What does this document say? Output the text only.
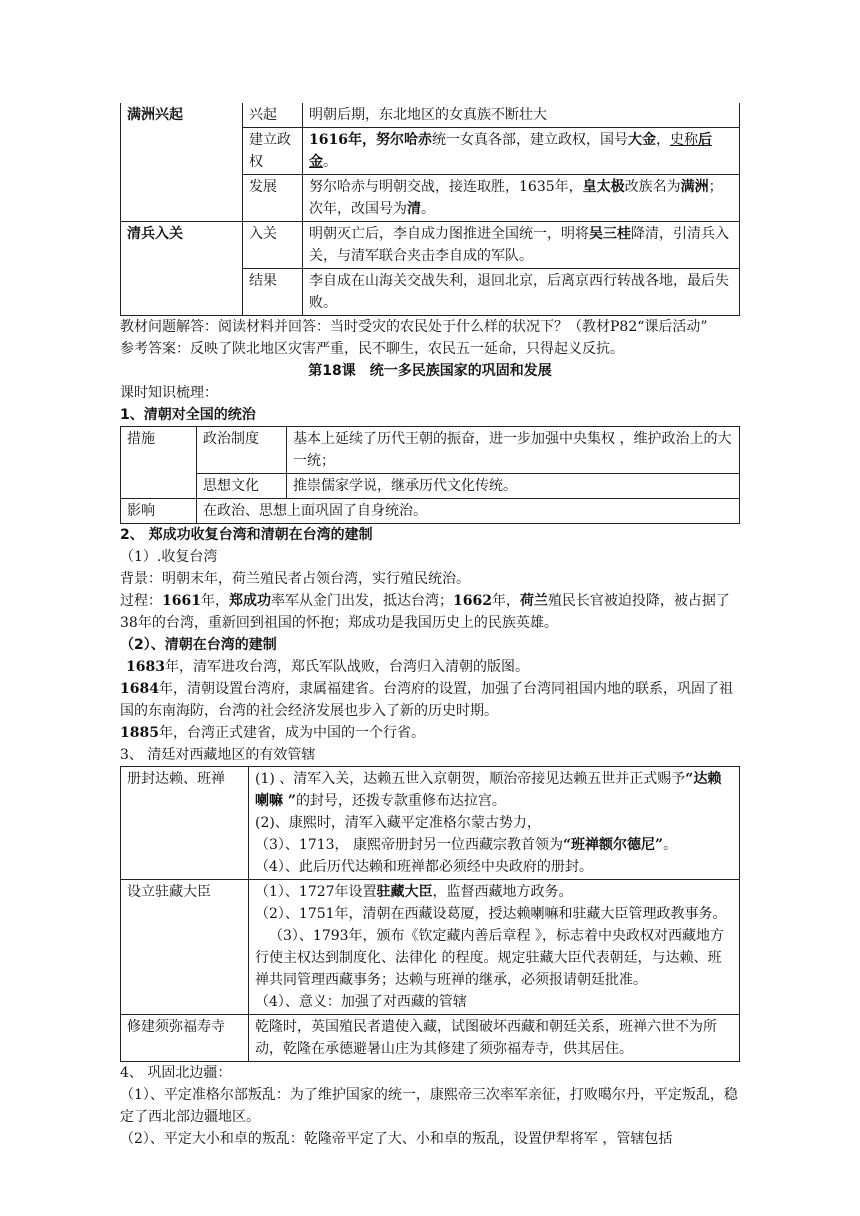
满洲兴起	兴起	明朝后期，东北地区的女真族不断壮大
	建立政权	1616年，努尔哈赤统一女真各部，建立政权，国号大金，史称后金。
	发展	努尔哈赤与明朝交战，接连取胜，1635年，皇太极改族名为满洲；次年，改国号为清。
清兵入关	入关	明朝灭亡后，李自成力图推进全国统一，明将吴三桂降清，引清兵入关，与清军联合夹击李自成的军队。
	结果	李自成在山海关交战失利，退回北京，后离京西行转战各地，最后失败。

教材问题解答：阅读材料并回答：当时受灾的农民处于什么样的状况下？（教材P82“课后活动”

参考答案：反映了陕北地区灾害严重，民不聊生，农民五一延命，只得起义反抗。

第18课　统一多民族国家的巩固和发展

课时知识梳理：

1、清朝对全国的统治

措施	政治制度	基本上延续了历代王朝的振奋，进一步加强中央集权 ，维护政治上的大一统；
	思想文化	推崇儒家学说，继承历代文化传统。
影响	在政治、思想上面巩固了自身统治。	

2、 郑成功收复台湾和清朝在台湾的建制

（1）.收复台湾

背景：明朝末年，荷兰殖民者占领台湾，实行殖民统治。

过程：1661年，郑成功率军从金门出发，抵达台湾；1662年，荷兰殖民长官被迫投降，被占据了38年的台湾，重新回到祖国的怀抱；郑成功是我国历史上的民族英雄。

（2）、清朝在台湾的建制

1683年，清军进攻台湾，郑氏军队战败，台湾归入清朝的版图。

1684年，清朝设置台湾府，隶属福建省。台湾府的设置，加强了台湾同祖国内地的联系，巩固了祖国的东南海防，台湾的社会经济发展也步入了新的历史时期。

1885年，台湾正式建省，成为中国的一个行省。

3、 清廷对西藏地区的有效管辖

册封达赖、班禅	(1) 、清军入关，达赖五世入京朝贺，顺治帝接见达赖五世并正式赐予“达赖喇嘛 ”的封号，还拨专款重修布达拉宫。

(2)、康熙时，清军入藏平定准格尔蒙古势力，

（3）、1713， 康熙帝册封另一位西藏宗教首领为“班禅额尔德尼”。

（4）、此后历代达赖和班禅都必须经中央政府的册封。

设立驻藏大臣	（1）、1727年设置驻藏大臣，监督西藏地方政务。

（2）、1751年，清朝在西藏设葛厦，授达赖喇嘛和驻藏大臣管理政教事务。

（3）、1793年，颁布《钦定藏内善后章程 》，标志着中央政权对西藏地方行使主权达到制度化、法律化 的程度。规定驻藏大臣代表朝廷，与达赖、班禅共同管理西藏事务；达赖与班禅的继承，必须报请朝廷批准。

（4）、意义：加强了对西藏的管辖

修建须弥福寿寺	乾隆时，英国殖民者遣使入藏，试图破坏西藏和朝廷关系，班禅六世不为所动，乾隆在承德避暑山庄为其修建了须弥福寿寺，供其居住。

4、 巩固北边疆：

（1）、平定准格尔部叛乱：为了维护国家的统一，康熙帝三次率军亲征，打败噶尔丹，平定叛乱，稳定了西北部边疆地区。

（2）、平定大小和卓的叛乱：乾隆帝平定了大、小和卓的叛乱，设置伊犁将军 ，管辖包括
